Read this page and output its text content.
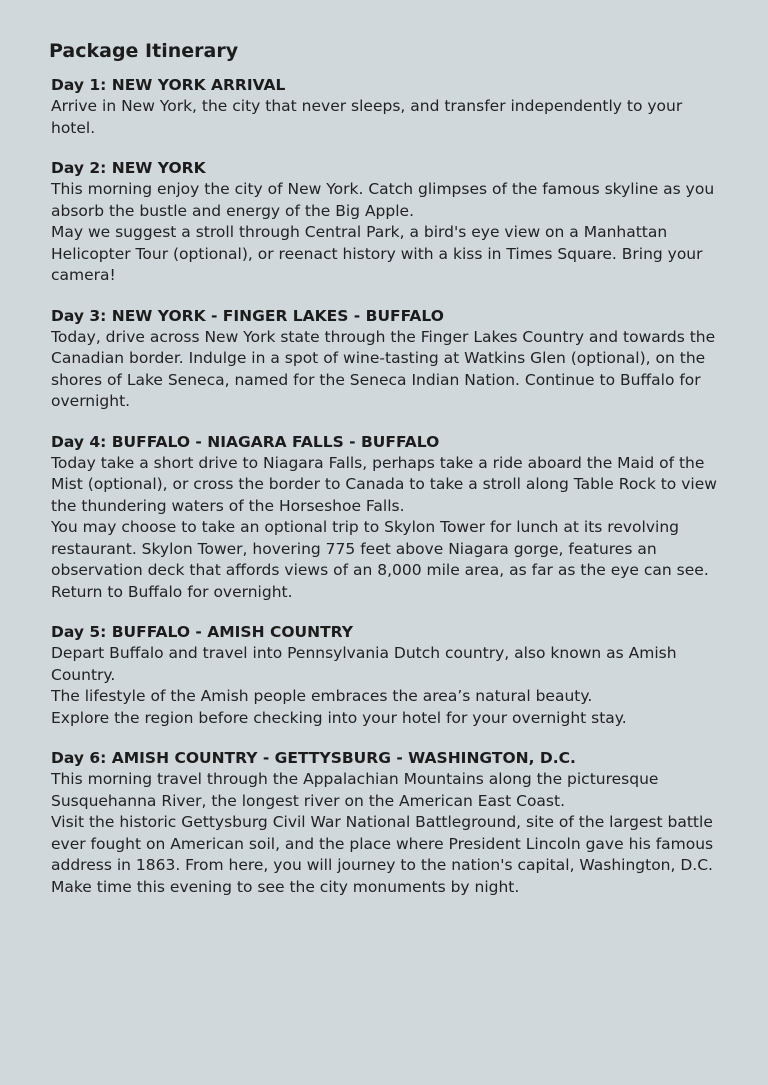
Package Itinerary
Day 1: NEW YORK ARRIVAL

Arrive in New York, the city that never sleeps, and transfer independently to your hotel.

Day 2: NEW YORK

This morning enjoy the city of New York. Catch glimpses of the famous skyline as you absorb the bustle and energy of the Big Apple.

May we suggest a stroll through Central Park, a bird's eye view on a Manhattan Helicopter Tour (optional), or reenact history with a kiss in Times Square. Bring your camera!

Day 3: NEW YORK - FINGER LAKES - BUFFALO

Today, drive across New York state through the Finger Lakes Country and towards the Canadian border. Indulge in a spot of wine-tasting at Watkins Glen (optional), on the shores of Lake Seneca, named for the Seneca Indian Nation. Continue to Buffalo for overnight.

Day 4: BUFFALO - NIAGARA FALLS - BUFFALO

Today take a short drive to Niagara Falls, perhaps take a ride aboard the Maid of the Mist (optional), or cross the border to Canada to take a stroll along Table Rock to view the thundering waters of the Horseshoe Falls.

You may choose to take an optional trip to Skylon Tower for lunch at its revolving restaurant. Skylon Tower, hovering 775 feet above Niagara gorge, features an observation deck that affords views of an 8,000 mile area, as far as the eye can see. Return to Buffalo for overnight.

Day 5: BUFFALO - AMISH COUNTRY

Depart Buffalo and travel into Pennsylvania Dutch country, also known as Amish Country.

The lifestyle of the Amish people embraces the area’s natural beauty.

Explore the region before checking into your hotel for your overnight stay.

Day 6: AMISH COUNTRY - GETTYSBURG - WASHINGTON, D.C.

This morning travel through the Appalachian Mountains along the picturesque Susquehanna River, the longest river on the American East Coast.

Visit the historic Gettysburg Civil War National Battleground, site of the largest battle ever fought on American soil, and the place where President Lincoln gave his famous address in 1863. From here, you will journey to the nation's capital, Washington, D.C.

Make time this evening to see the city monuments by night.
